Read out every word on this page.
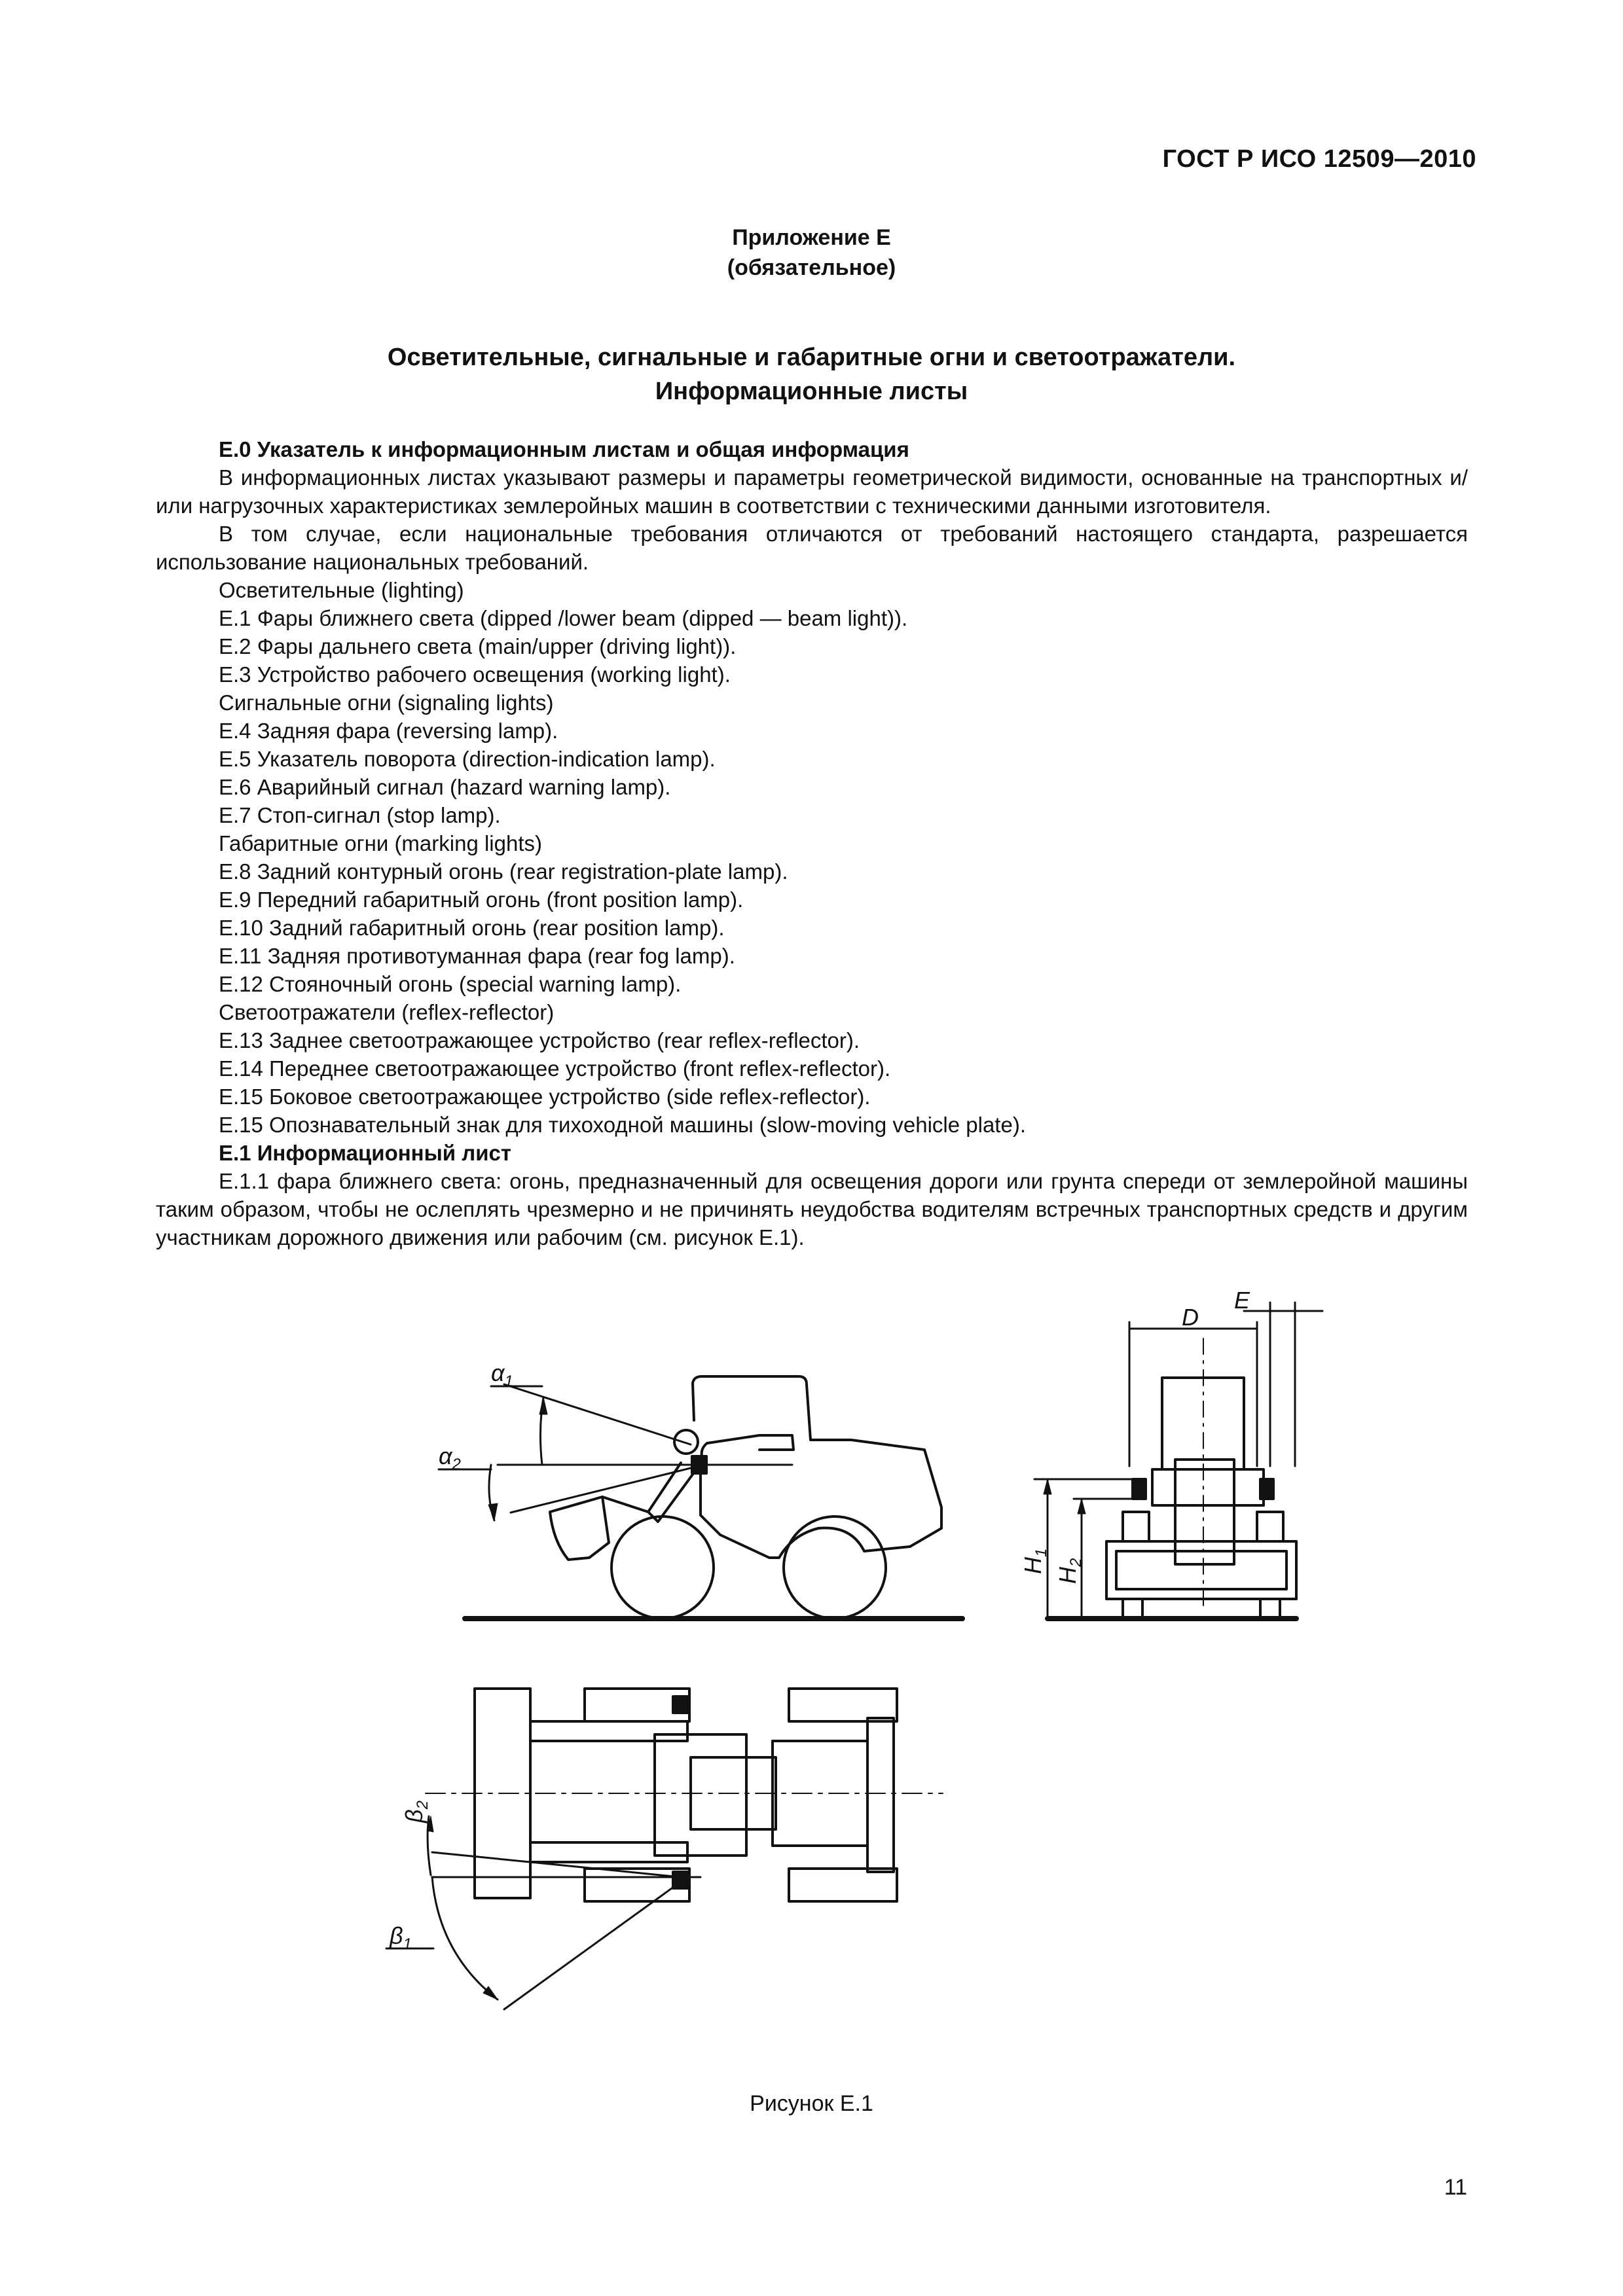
ГОСТ Р ИСО 12509—2010
Приложение Е
(обязательное)
Осветительные, сигнальные и габаритные огни и светоотражатели.
Информационные листы

Е.0 Указатель к информационным листам и общая информация

В информационных листах указывают размеры и параметры геометрической видимости, основанные на транспортных и/или нагрузочных характеристиках землеройных машин в соответствии с техническими данными изготовителя.

В том случае, если национальные требования отличаются от требований настоящего стандарта, разрешается использование национальных требований.

Осветительные (lighting)

Е.1 Фары ближнего света (dipped /lower beam (dipped — beam light)).

Е.2 Фары дальнего света (main/upper (driving light)).

Е.3 Устройство рабочего освещения (working light).

Сигнальные огни (signaling lights)

Е.4 Задняя фара (reversing lamp).

Е.5 Указатель поворота (direction-indication lamp).

Е.6 Аварийный сигнал (hazard warning lamp).

Е.7 Стоп-сигнал (stop lamp).

Габаритные огни (marking lights)

Е.8 Задний контурный огонь (rear registration-plate lamp).

Е.9 Передний габаритный огонь (front position lamp).

Е.10 Задний габаритный огонь (rear position lamp).

Е.11 Задняя противотуманная фара (rear fog lamp).

Е.12 Стояночный огонь (special warning lamp).

Светоотражатели (reflex-reflector)

Е.13 Заднее светоотражающее устройство (rear reflex-reflector).

Е.14 Переднее светоотражающее устройство (front reflex-reflector).

Е.15 Боковое светоотражающее устройство (side reflex-reflector).

Е.15 Опознавательный знак для тихоходной машины (slow-moving vehicle plate).

Е.1 Информационный лист

Е.1.1 фара ближнего света: огонь, предназначенный для освещения дороги или грунта спереди от землеройной машины таким образом, чтобы не ослеплять чрезмерно и не причинять неудобства водителям встречных транспортных средств и другим участникам дорожного движения или рабочим (см. рисунок Е.1).

$\alpha_1$
$\alpha_2$
D
E
$H_1$
$H_2$
$\beta_2$
$\beta_1$
Рисунок Е.1
11
